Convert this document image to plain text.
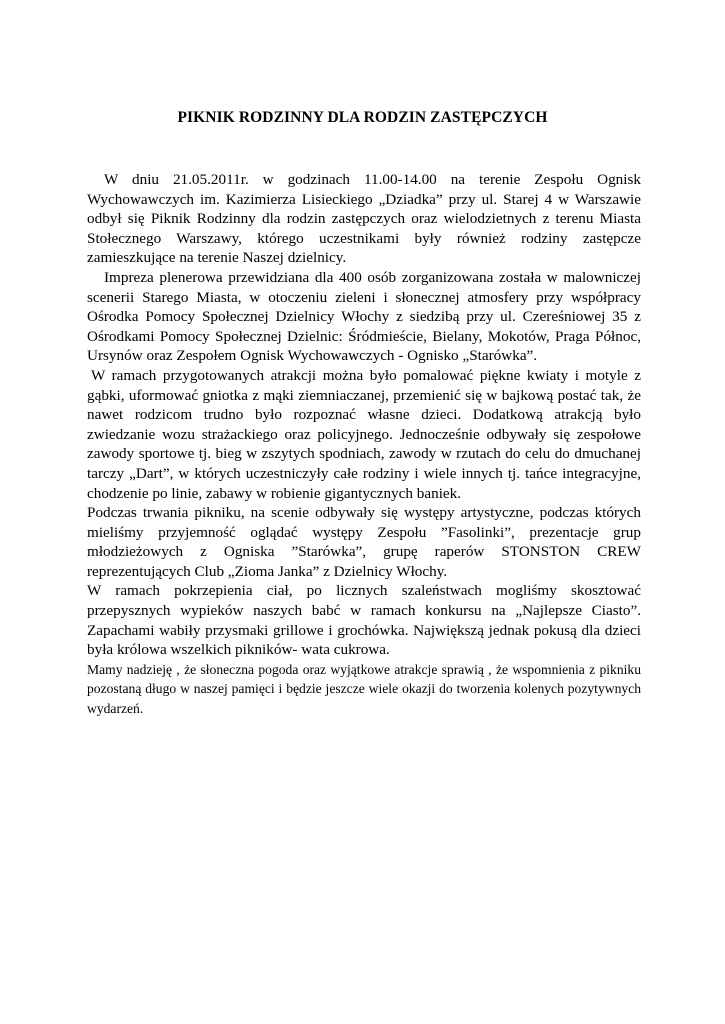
PIKNIK RODZINNY DLA RODZIN ZASTĘPCZYCH

W dniu 21.05.2011r. w godzinach 11.00-14.00 na terenie Zespołu Ognisk Wychowawczych im. Kazimierza Lisieckiego „Dziadka” przy ul. Starej 4 w Warszawie odbył się Piknik Rodzinny dla rodzin zastępczych oraz wielodzietnych z terenu Miasta Stołecznego Warszawy, którego uczestnikami były również rodziny zastępcze zamieszkujące na terenie Naszej dzielnicy.

Impreza plenerowa przewidziana dla 400 osób zorganizowana została w malowniczej scenerii Starego Miasta, w otoczeniu zieleni i słonecznej atmosfery przy współpracy Ośrodka Pomocy Społecznej Dzielnicy Włochy z siedzibą przy ul. Czereśniowej 35 z Ośrodkami Pomocy Społecznej Dzielnic: Śródmieście, Bielany, Mokotów, Praga Północ, Ursynów oraz Zespołem Ognisk Wychowawczych - Ognisko „Starówka”.

W ramach przygotowanych atrakcji można było pomalować piękne kwiaty i motyle z gąbki, uformować gniotka z mąki ziemniaczanej, przemienić się w bajkową postać tak, że nawet rodzicom trudno było rozpoznać własne dzieci. Dodatkową atrakcją było zwiedzanie wozu strażackiego oraz policyjnego. Jednocześnie odbywały się zespołowe zawody sportowe tj. bieg w zszytych spodniach, zawody w rzutach do celu do dmuchanej tarczy „Dart”, w których uczestniczyły całe rodziny i wiele innych tj. tańce integracyjne, chodzenie po linie, zabawy w robienie gigantycznych baniek.

Podczas trwania pikniku, na scenie odbywały się występy artystyczne, podczas których mieliśmy przyjemność oglądać występy Zespołu ”Fasolinki”, prezentacje grup młodzieżowych z Ogniska ”Starówka”, grupę raperów STONSTON CREW reprezentujących Club „Zioma Janka” z Dzielnicy Włochy.

W ramach pokrzepienia ciał, po licznych szaleństwach mogliśmy skosztować przepysznych wypieków naszych babć w ramach konkursu na „Najlepsze Ciasto”. Zapachami wabiły przysmaki grillowe i grochówka. Największą jednak pokusą dla dzieci była królowa wszelkich pikników- wata cukrowa.

Mamy nadzieję , że słoneczna pogoda oraz wyjątkowe atrakcje sprawią , że wspomnienia z pikniku pozostaną długo w naszej pamięci i będzie jeszcze wiele okazji do tworzenia kolenych pozytywnych wydarzeń.
